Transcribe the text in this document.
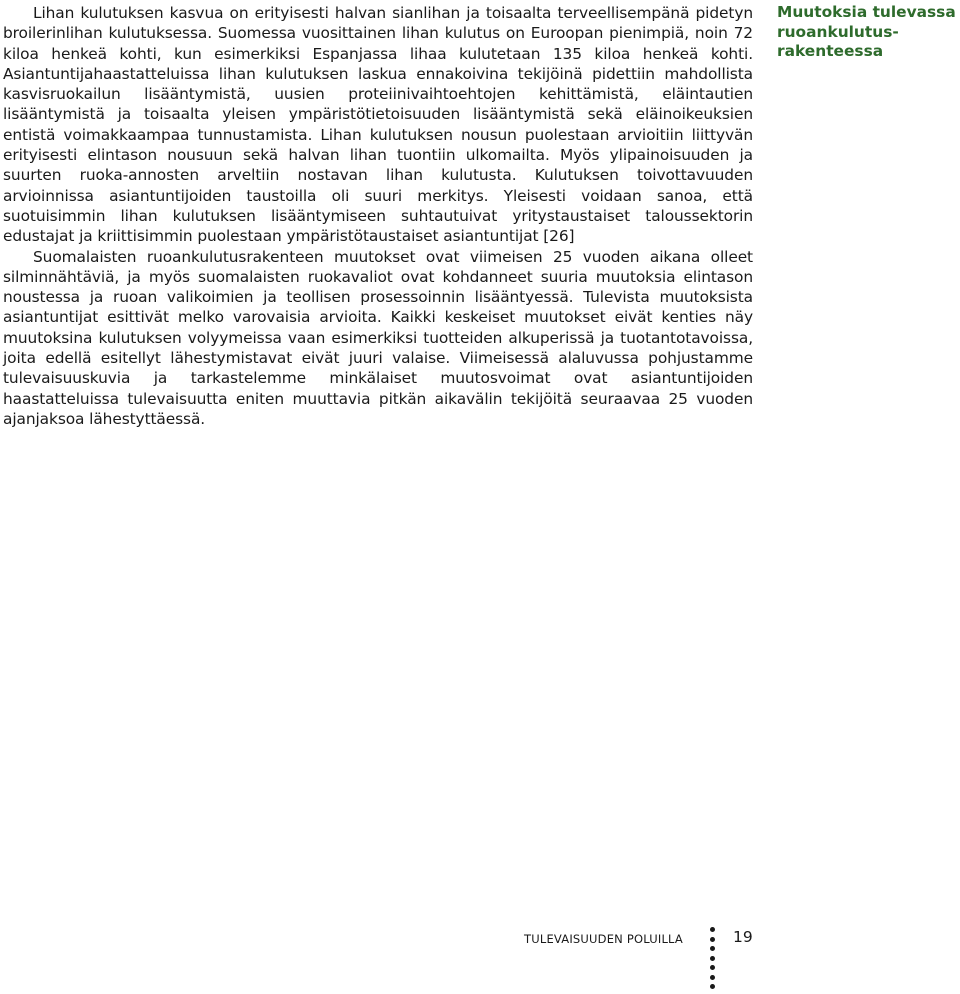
Lihan kulutuksen kasvua on erityisesti halvan sianlihan ja toisaalta terveellisempänä pidetyn broilerinlihan kulutuksessa. Suomessa vuosittainen lihan kulutus on Euroopan pienimpiä, noin 72 kiloa henkeä kohti, kun esimerkiksi Espanjassa lihaa kulutetaan 135 kiloa henkeä kohti. Asiantuntijahaastatteluissa lihan kulutuksen laskua ennakoivina tekijöinä pidettiin mahdollista kasvisruokailun lisääntymistä, uusien proteiinivaihtoehtojen kehittämistä, eläintautien lisääntymistä ja toisaalta yleisen ympäristötietoisuuden lisääntymistä sekä eläinoikeuksien entistä voimakkaampaa tunnustamista. Lihan kulutuksen nousun puolestaan arvioitiin liittyvän erityisesti elintason nousuun sekä halvan lihan tuontiin ulkomailta. Myös ylipainoisuuden ja suurten ruoka-annosten arveltiin nostavan lihan kulutusta. Kulutuksen toivottavuuden arvioinnissa asiantuntijoiden taustoilla oli suuri merkitys. Yleisesti voidaan sanoa, että suotuisimmin lihan kulutuksen lisääntymiseen suhtautuivat yritystaustaiset taloussektorin edustajat ja kriittisimmin puolestaan ympäristötaustaiset asiantuntijat [26]

Suomalaisten ruoankulutusrakenteen muutokset ovat viimeisen 25 vuoden aikana olleet silminnähtäviä, ja myös suomalaisten ruokavaliot ovat kohdanneet suuria muutoksia elintason noustessa ja ruoan valikoimien ja teollisen prosessoinnin lisääntyessä. Tulevista muutoksista asiantuntijat esittivät melko varovaisia arvioita. Kaikki keskeiset muutokset eivät kenties näy muutoksina kulutuksen volyymeissa vaan esimerkiksi tuotteiden alkuperissä ja tuotantotavoissa, joita edellä esitellyt lähestymistavat eivät juuri valaise. Viimeisessä alaluvussa pohjustamme tulevaisuuskuvia ja tarkastelemme minkälaiset muutosvoimat ovat asiantuntijoiden haastatteluissa tulevaisuutta eniten muuttavia pitkän aikavälin tekijöitä seuraavaa 25 vuoden ajanjaksoa lähestyttäessä.

Muutoksia tulevassa ruoankulutus-rakenteessa
TULEVAISUUDEN POLUILLA	19
